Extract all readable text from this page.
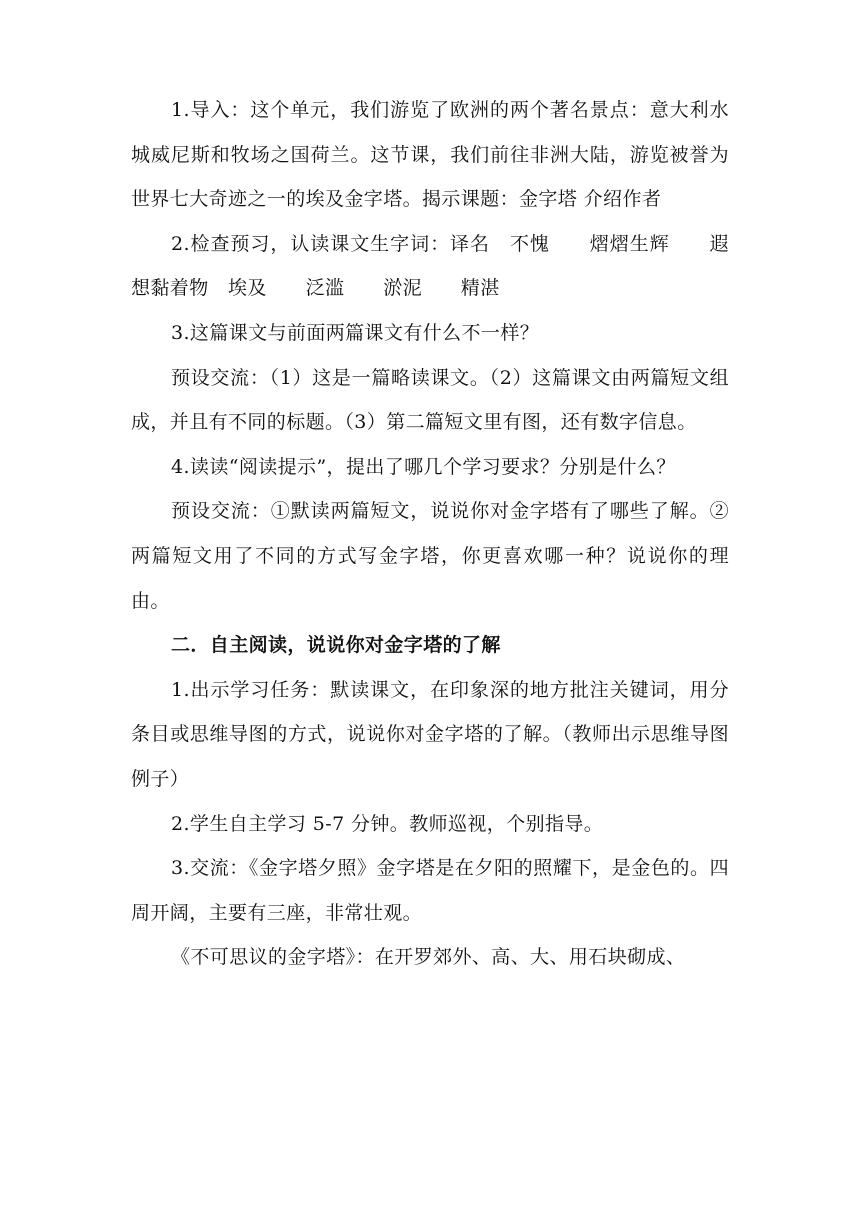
1.导入：这个单元，我们游览了欧洲的两个著名景点：意大利水城威尼斯和牧场之国荷兰。这节课，我们前往非洲大陆，游览被誉为世界七大奇迹之一的埃及金字塔。揭示课题：金字塔 介绍作者

2.检查预习，认读课文生字词：译名　不愧　　熠熠生辉　　遐想黏着物　埃及　　泛滥　　淤泥　　精湛

3.这篇课文与前面两篇课文有什么不一样？

预设交流：（1）这是一篇略读课文。（2）这篇课文由两篇短文组成，并且有不同的标题。（3）第二篇短文里有图，还有数字信息。

4.读读“阅读提示”，提出了哪几个学习要求？分别是什么？

预设交流：①默读两篇短文，说说你对金字塔有了哪些了解。②两篇短文用了不同的方式写金字塔，你更喜欢哪一种？说说你的理由。

二．自主阅读，说说你对金字塔的了解

1.出示学习任务：默读课文，在印象深的地方批注关键词，用分条目或思维导图的方式，说说你对金字塔的了解。（教师出示思维导图例子）

2.学生自主学习 5-7 分钟。教师巡视，个别指导。

3.交流：《金字塔夕照》金字塔是在夕阳的照耀下，是金色的。四周开阔，主要有三座，非常壮观。

《不可思议的金字塔》：在开罗郊外、高、大、用石块砌成、
